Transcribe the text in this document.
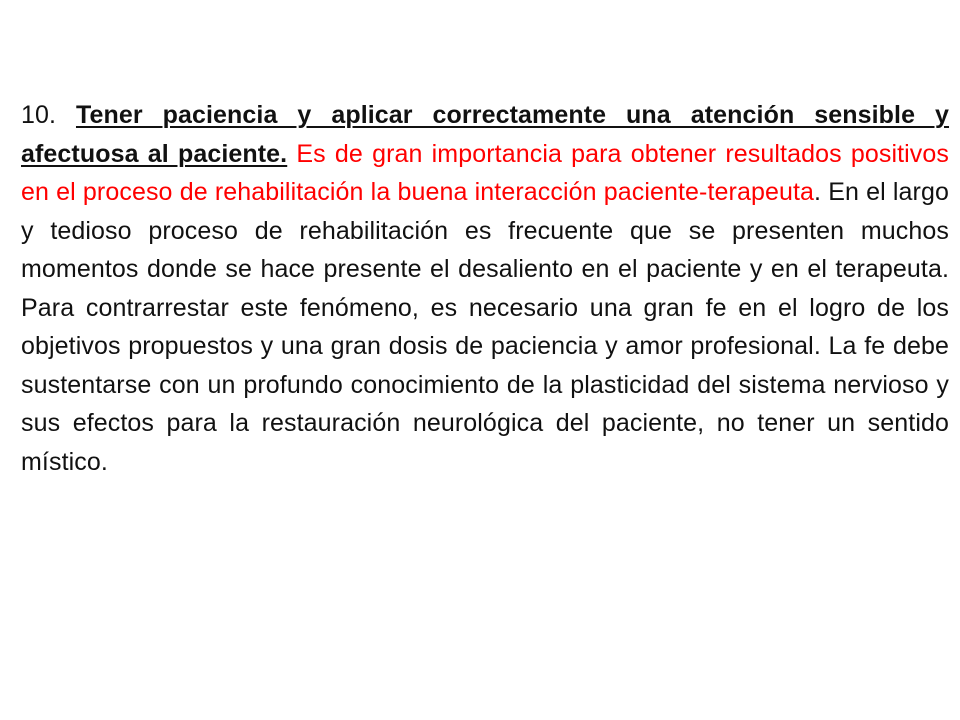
10. Tener paciencia y aplicar correctamente una atención sensible y afectuosa al paciente. Es de gran importancia para obtener resultados positivos en el proceso de rehabilitación la buena interacción paciente-terapeuta. En el largo y tedioso proceso de rehabilitación es frecuente que se presenten muchos momentos donde se hace presente el desaliento en el paciente y en el terapeuta. Para contrarrestar este fenómeno, es necesario una gran fe en el logro de los objetivos propuestos y una gran dosis de paciencia y amor profesional. La fe debe sustentarse con un profundo conocimiento de la plasticidad del sistema nervioso y sus efectos para la restauración neurológica del paciente, no tener un sentido místico.
